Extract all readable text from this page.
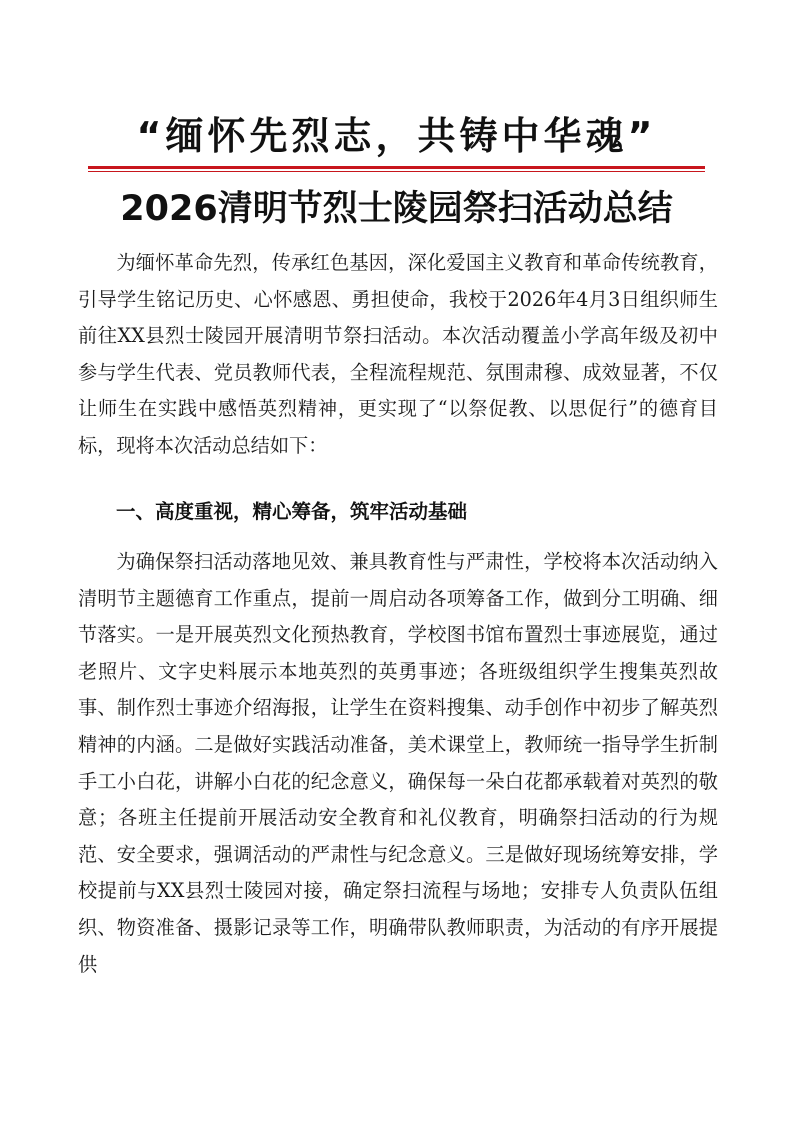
“缅怀先烈志，共铸中华魂”
2026清明节烈士陵园祭扫活动总结

为缅怀革命先烈，传承红色基因，深化爱国主义教育和革命传统教育，引导学生铭记历史、心怀感恩、勇担使命，我校于2026年4月3日组织师生前往XX县烈士陵园开展清明节祭扫活动。本次活动覆盖小学高年级及初中参与学生代表、党员教师代表，全程流程规范、氛围肃穆、成效显著，不仅让师生在实践中感悟英烈精神，更实现了“以祭促教、以思促行”的德育目标，现将本次活动总结如下：

一、高度重视，精心筹备，筑牢活动基础

为确保祭扫活动落地见效、兼具教育性与严肃性，学校将本次活动纳入清明节主题德育工作重点，提前一周启动各项筹备工作，做到分工明确、细节落实。一是开展英烈文化预热教育，学校图书馆布置烈士事迹展览，通过老照片、文字史料展示本地英烈的英勇事迹；各班级组织学生搜集英烈故事、制作烈士事迹介绍海报，让学生在资料搜集、动手创作中初步了解英烈精神的内涵。二是做好实践活动准备，美术课堂上，教师统一指导学生折制手工小白花，讲解小白花的纪念意义，确保每一朵白花都承载着对英烈的敬意；各班主任提前开展活动安全教育和礼仪教育，明确祭扫活动的行为规范、安全要求，强调活动的严肃性与纪念意义。三是做好现场统筹安排，学校提前与XX县烈士陵园对接，确定祭扫流程与场地；安排专人负责队伍组织、物资准备、摄影记录等工作，明确带队教师职责，为活动的有序开展提供
